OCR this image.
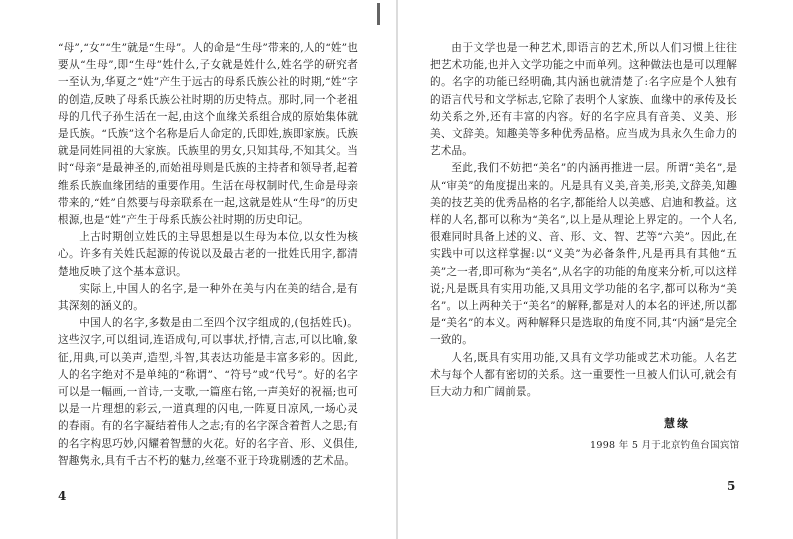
“母”,“女”“生”就是“生母”。人的命是“生母”带来的,人的“姓”也要从“生母”,即“生母”姓什么,子女就是姓什么,姓名学的研究者一至认为,华夏之“姓”产生于远古的母系氏族公社的时期,“姓”字的创造,反映了母系氏族公社时期的历史特点。那时,同一个老祖母的几代子孙生活在一起,由这个血缘关系组合成的原始集体就是氏族。“氏族”这个名称是后人命定的,氏即姓,族即家族。氏族就是同姓同祖的大家族。氏族里的男女,只知其母,不知其父。当时“母亲”是最神圣的,而始祖母则是氏族的主持者和领导者,起着维系氏族血缘团结的重要作用。生活在母权制时代,生命是母亲带来的,“姓”自然要与母亲联系在一起,这就是姓从“生母”的历史根源,也是“姓”产生于母系氏族公社时期的历史印记。

上古时期创立姓氏的主导思想是以生母为本位,以女性为核心。许多有关姓氏起源的传说以及最古老的一批姓氏用字,都清楚地反映了这个基本意识。

实际上,中国人的名字,是一种外在美与内在美的结合,是有其深刻的涵义的。

中国人的名字,多数是由二至四个汉字组成的,(包括姓氏)。这些汉字,可以组词,连语成句,可以事状,抒情,言志,可以比喻,象征,用典,可以美声,造型,斗智,其表达功能是丰富多彩的。因此,人的名字绝对不是单纯的“称谓”、“符号”或“代号”。好的名字可以是一幅画,一首诗,一支歌,一篇座右铭,一声美好的祝福;也可以是一片理想的彩云,一道真理的闪电,一阵夏日凉风,一场心灵的春雨。有的名字凝结着伟人之志;有的名字深含着哲人之思;有的名字构思巧妙,闪耀着智慧的火花。好的名字音、形、义俱佳,智趣隽永,具有千古不朽的魅力,丝毫不亚于玲珑剔透的艺术品。

4

由于文学也是一种艺术,即语言的艺术,所以人们习惯上往往把艺术功能,也并入文学功能之中而单列。这种做法也是可以理解的。名字的功能已经明确,其内涵也就清楚了:名字应是个人独有的语言代号和文学标志,它除了表明个人家族、血缘中的承传及长幼关系之外,还有丰富的内容。好的名字应具有音美、义美、形美、文辞美。知趣美等多种优秀品格。应当成为具永久生命力的艺术品。

至此,我们不妨把“美名”的内涵再推进一层。所谓“美名”,是从“审美”的角度提出来的。凡是具有义美,音美,形美,文辞美,知趣美的技艺美的优秀品格的名字,都能给人以美感、启迪和教益。这样的人名,都可以称为“美名”,以上是从理论上界定的。一个人名,很难同时具备上述的义、音、形、文、智、艺等“六美”。因此,在实践中可以这样掌握:以“义美”为必备条件,凡是再具有其他“五美”之一者,即可称为“美名”,从名字的功能的角度来分析,可以这样说;凡是既具有实用功能,又具用文学功能的名字,都可以称为“美名”。以上两种关于“美名”的解释,都是对人的本名的评述,所以都是“美名”的本义。两种解释只是选取的角度不同,其“内涵”是完全一致的。

人名,既具有实用功能,又具有文学功能或艺术功能。人名艺术与每个人都有密切的关系。这一重要性一旦被人们认可,就会有巨大动力和广阔前景。

慧缘
1998 年 5 月于北京钓鱼台国宾馆
5
